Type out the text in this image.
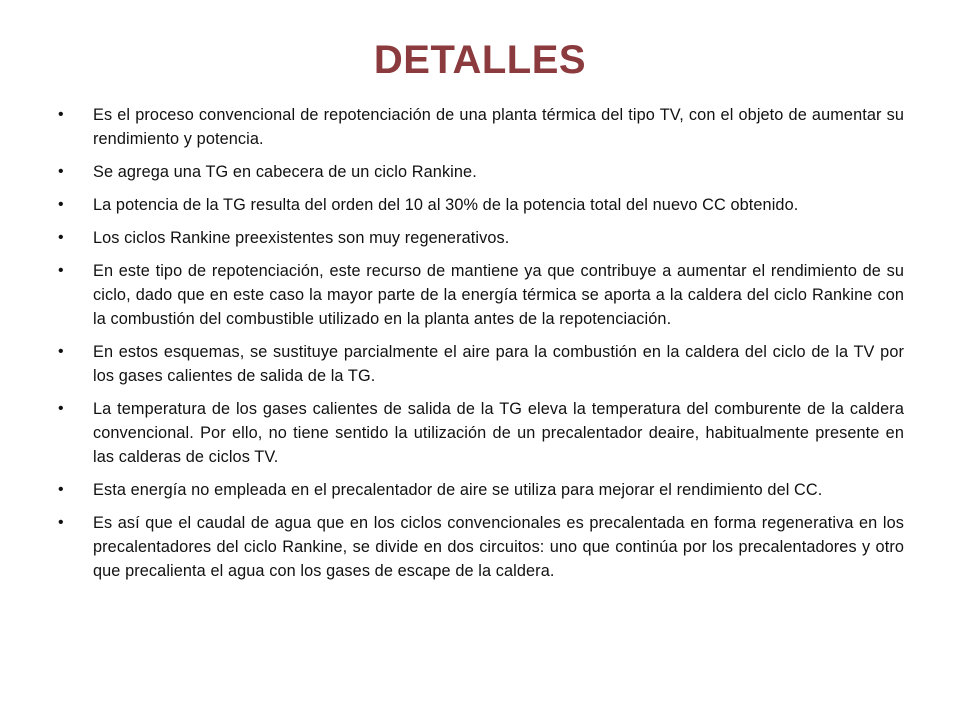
DETALLES
•	Es el proceso convencional de repotenciación de una planta térmica del tipo TV, con el objeto de aumentar su rendimiento y potencia.
•	Se agrega una TG en cabecera de un ciclo Rankine.
•	La potencia de la TG resulta del orden del 10 al 30% de la potencia total del nuevo CC obtenido.
•	Los ciclos Rankine preexistentes son muy regenerativos.
•	En este tipo de repotenciación, este recurso de mantiene ya que contribuye a aumentar el rendimiento de su ciclo, dado que en este caso la mayor parte de la energía térmica se aporta a la caldera del ciclo Rankine con la combustión del combustible utilizado en la planta antes de la repotenciación.
•	En estos esquemas, se sustituye parcialmente el aire para la combustión en la caldera del ciclo de la TV por los gases calientes de salida de la TG.
•	La temperatura de los gases calientes de salida de la TG eleva la temperatura del comburente de la caldera convencional. Por ello, no tiene sentido la utilización de un precalentador deaire, habitualmente presente en las calderas de ciclos TV.
•	Esta energía no empleada en el precalentador de aire se utiliza para mejorar el rendimiento del CC.
•	Es así que el caudal de agua que en los ciclos convencionales es precalentada en forma regenerativa en los precalentadores del ciclo Rankine, se divide en dos circuitos: uno que continúa por los precalentadores y otro que precalienta el agua con los gases de escape de la caldera.
